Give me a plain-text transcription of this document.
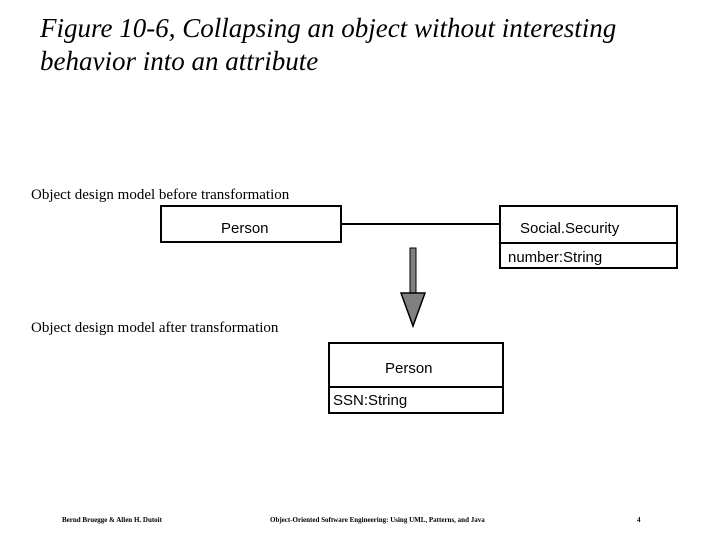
Figure 10-6, Collapsing an object without interesting behavior into an attribute
Object design model before transformation
Person	Social.Security
number:String
Object design model after transformation
Person
SSN:String
Bernd Bruegge & Allen H. Dutoit	Object-Oriented Software Engineering: Using UML, Patterns, and Java	4
